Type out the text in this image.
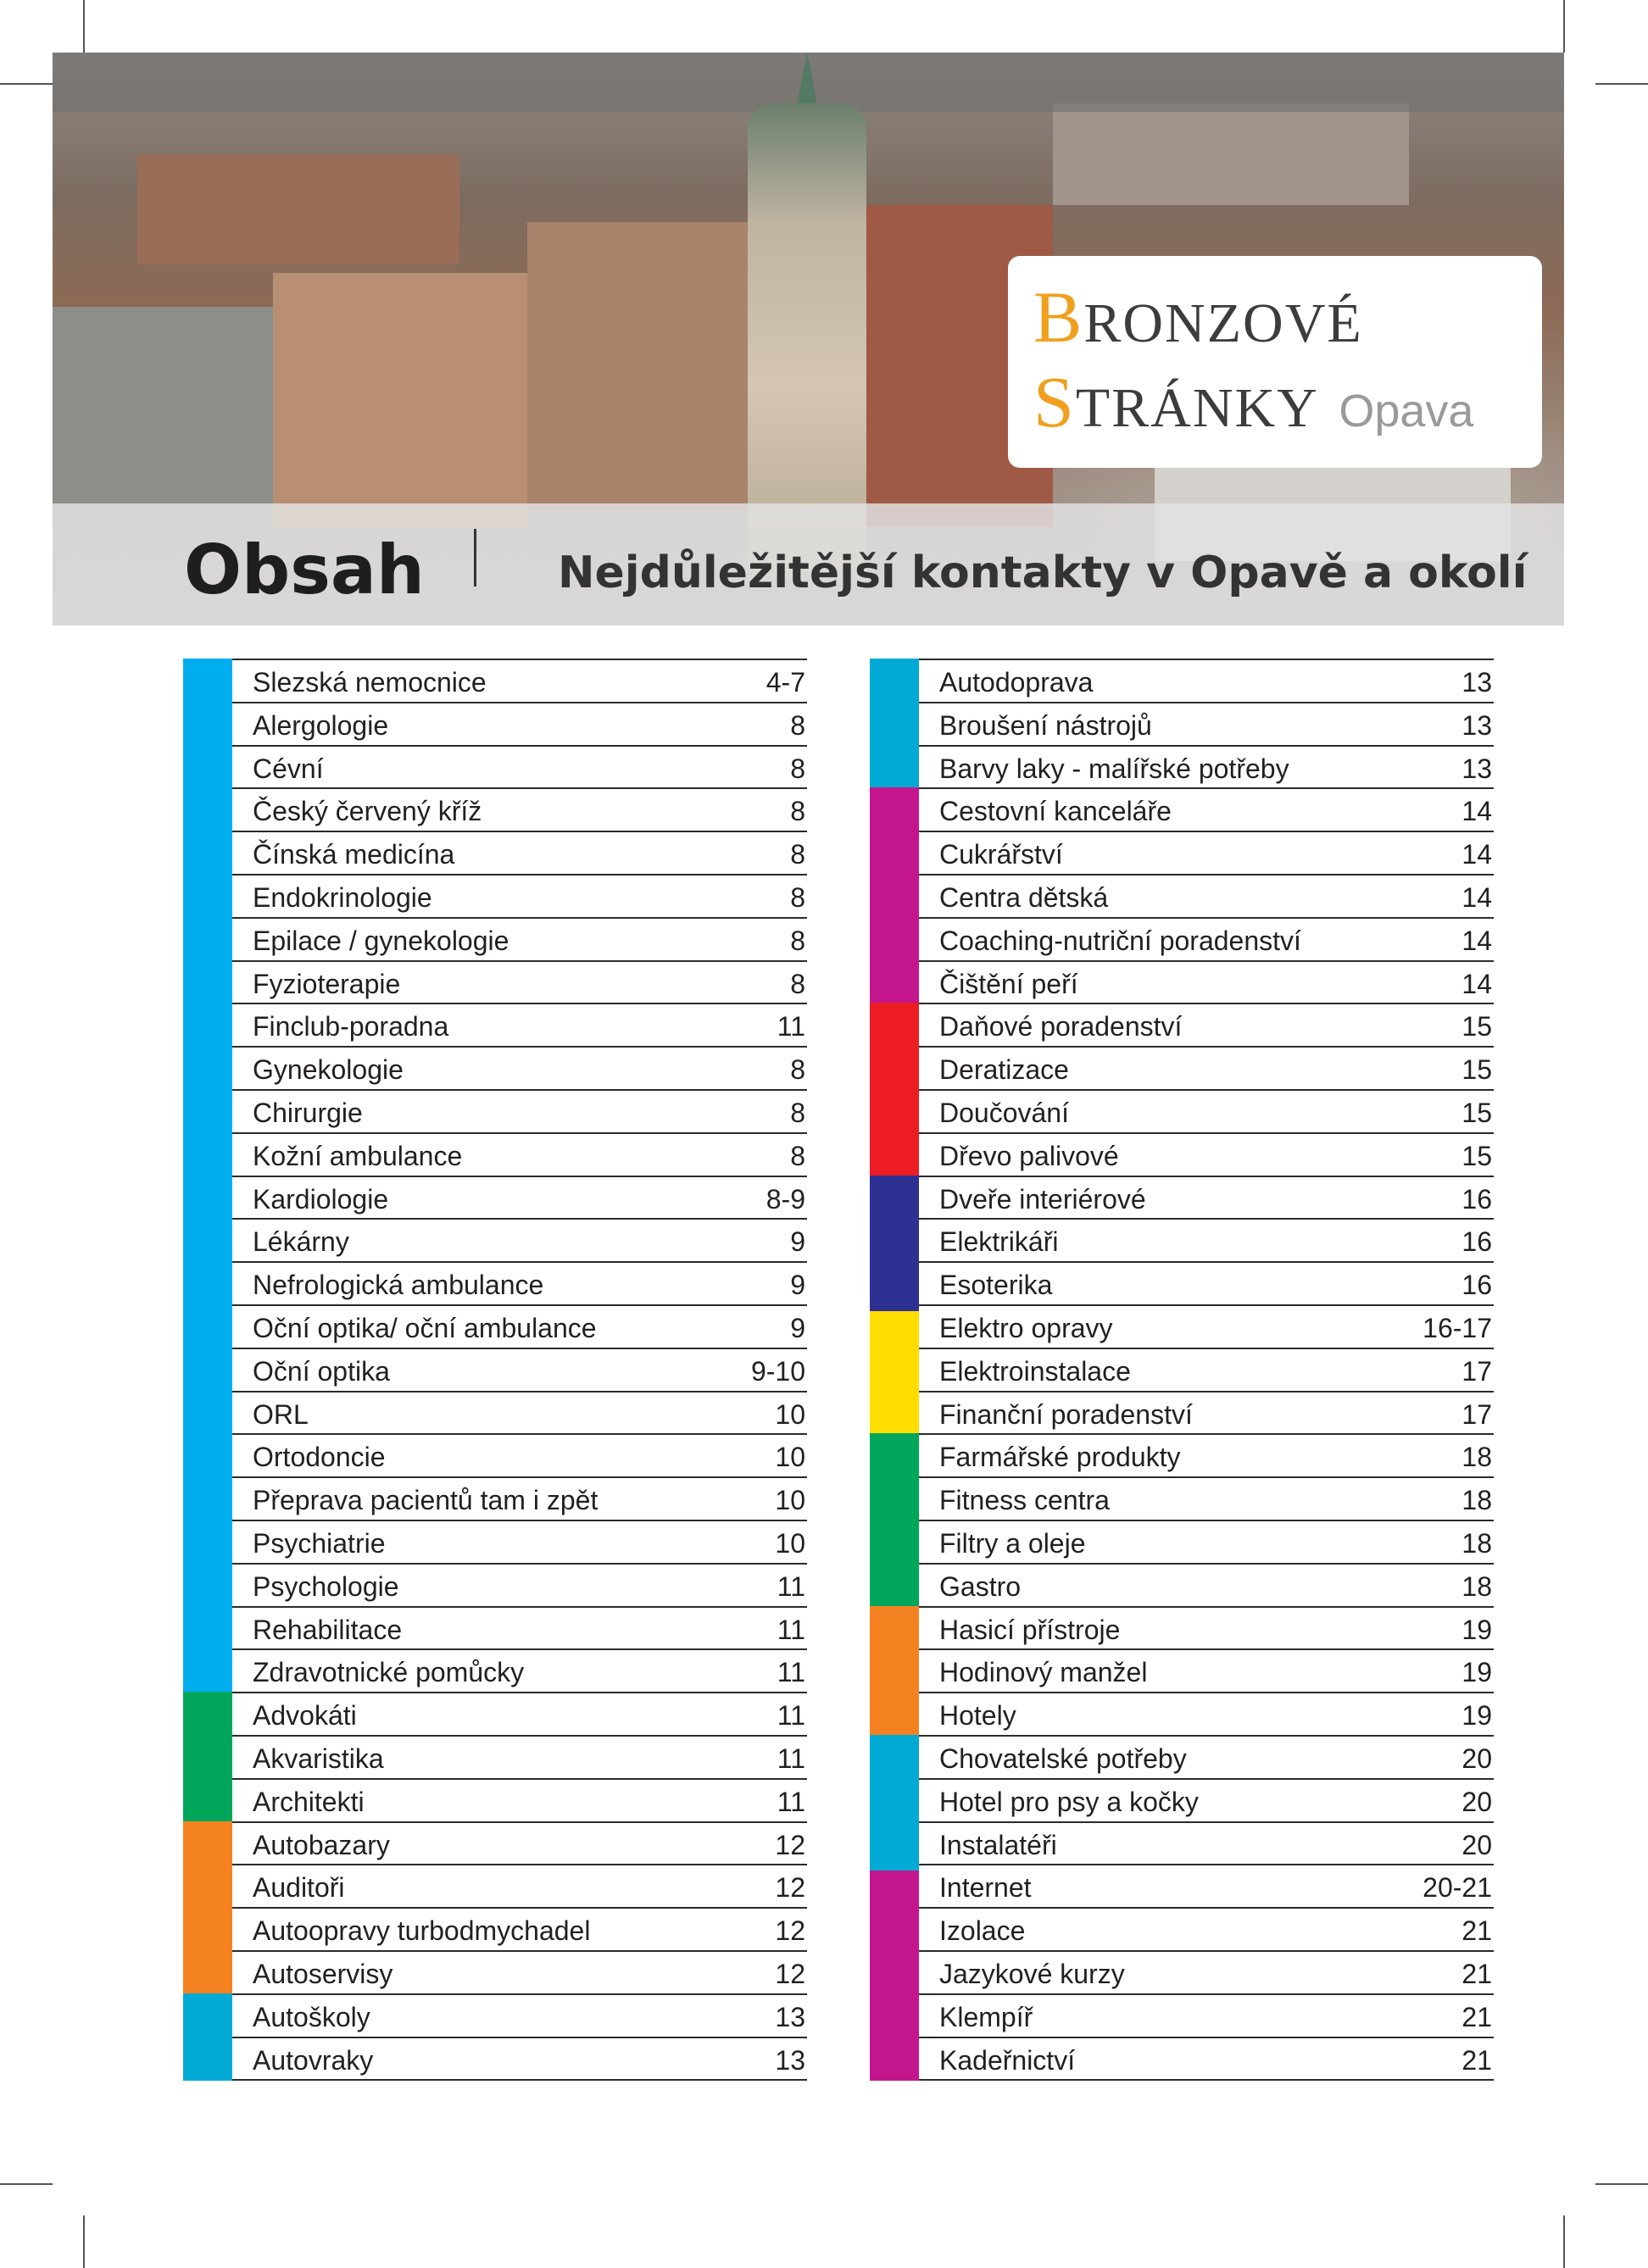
BRONZOVÉ
STRÁNKY Opava
Obsah	Nejdůležitější kontakty v Opavě a okolí
Slezská nemocnice	4-7
Alergologie	8
Cévní	8
Český červený kříž	8
Čínská medicína	8
Endokrinologie	8
Epilace / gynekologie	8
Fyzioterapie	8
Finclub-poradna	11
Gynekologie	8
Chirurgie	8
Kožní ambulance	8
Kardiologie	8-9
Lékárny	9
Nefrologická ambulance	9
Oční optika/ oční ambulance	9
Oční optika	9-10
ORL	10
Ortodoncie	10
Přeprava pacientů tam i zpět	10
Psychiatrie	10
Psychologie	11
Rehabilitace	11
Zdravotnické pomůcky	11
Advokáti	11
Akvaristika	11
Architekti	11
Autobazary	12
Auditoři	12
Autoopravy turbodmychadel	12
Autoservisy	12
Autoškoly	13
Autovraky	13
Autodoprava	13
Broušení nástrojů	13
Barvy laky - malířské potřeby	13
Cestovní kanceláře	14
Cukrářství	14
Centra dětská	14
Coaching-nutriční poradenství	14
Čištění peří	14
Daňové poradenství	15
Deratizace	15
Doučování	15
Dřevo palivové	15
Dveře interiérové	16
Elektrikáři	16
Esoterika	16
Elektro opravy	16-17
Elektroinstalace	17
Finanční poradenství	17
Farmářské produkty	18
Fitness centra	18
Filtry a oleje	18
Gastro	18
Hasicí přístroje	19
Hodinový manžel	19
Hotely	19
Chovatelské potřeby	20
Hotel pro psy a kočky	20
Instalatéři	20
Internet	20-21
Izolace	21
Jazykové kurzy	21
Klempíř	21
Kadeřnictví	21
